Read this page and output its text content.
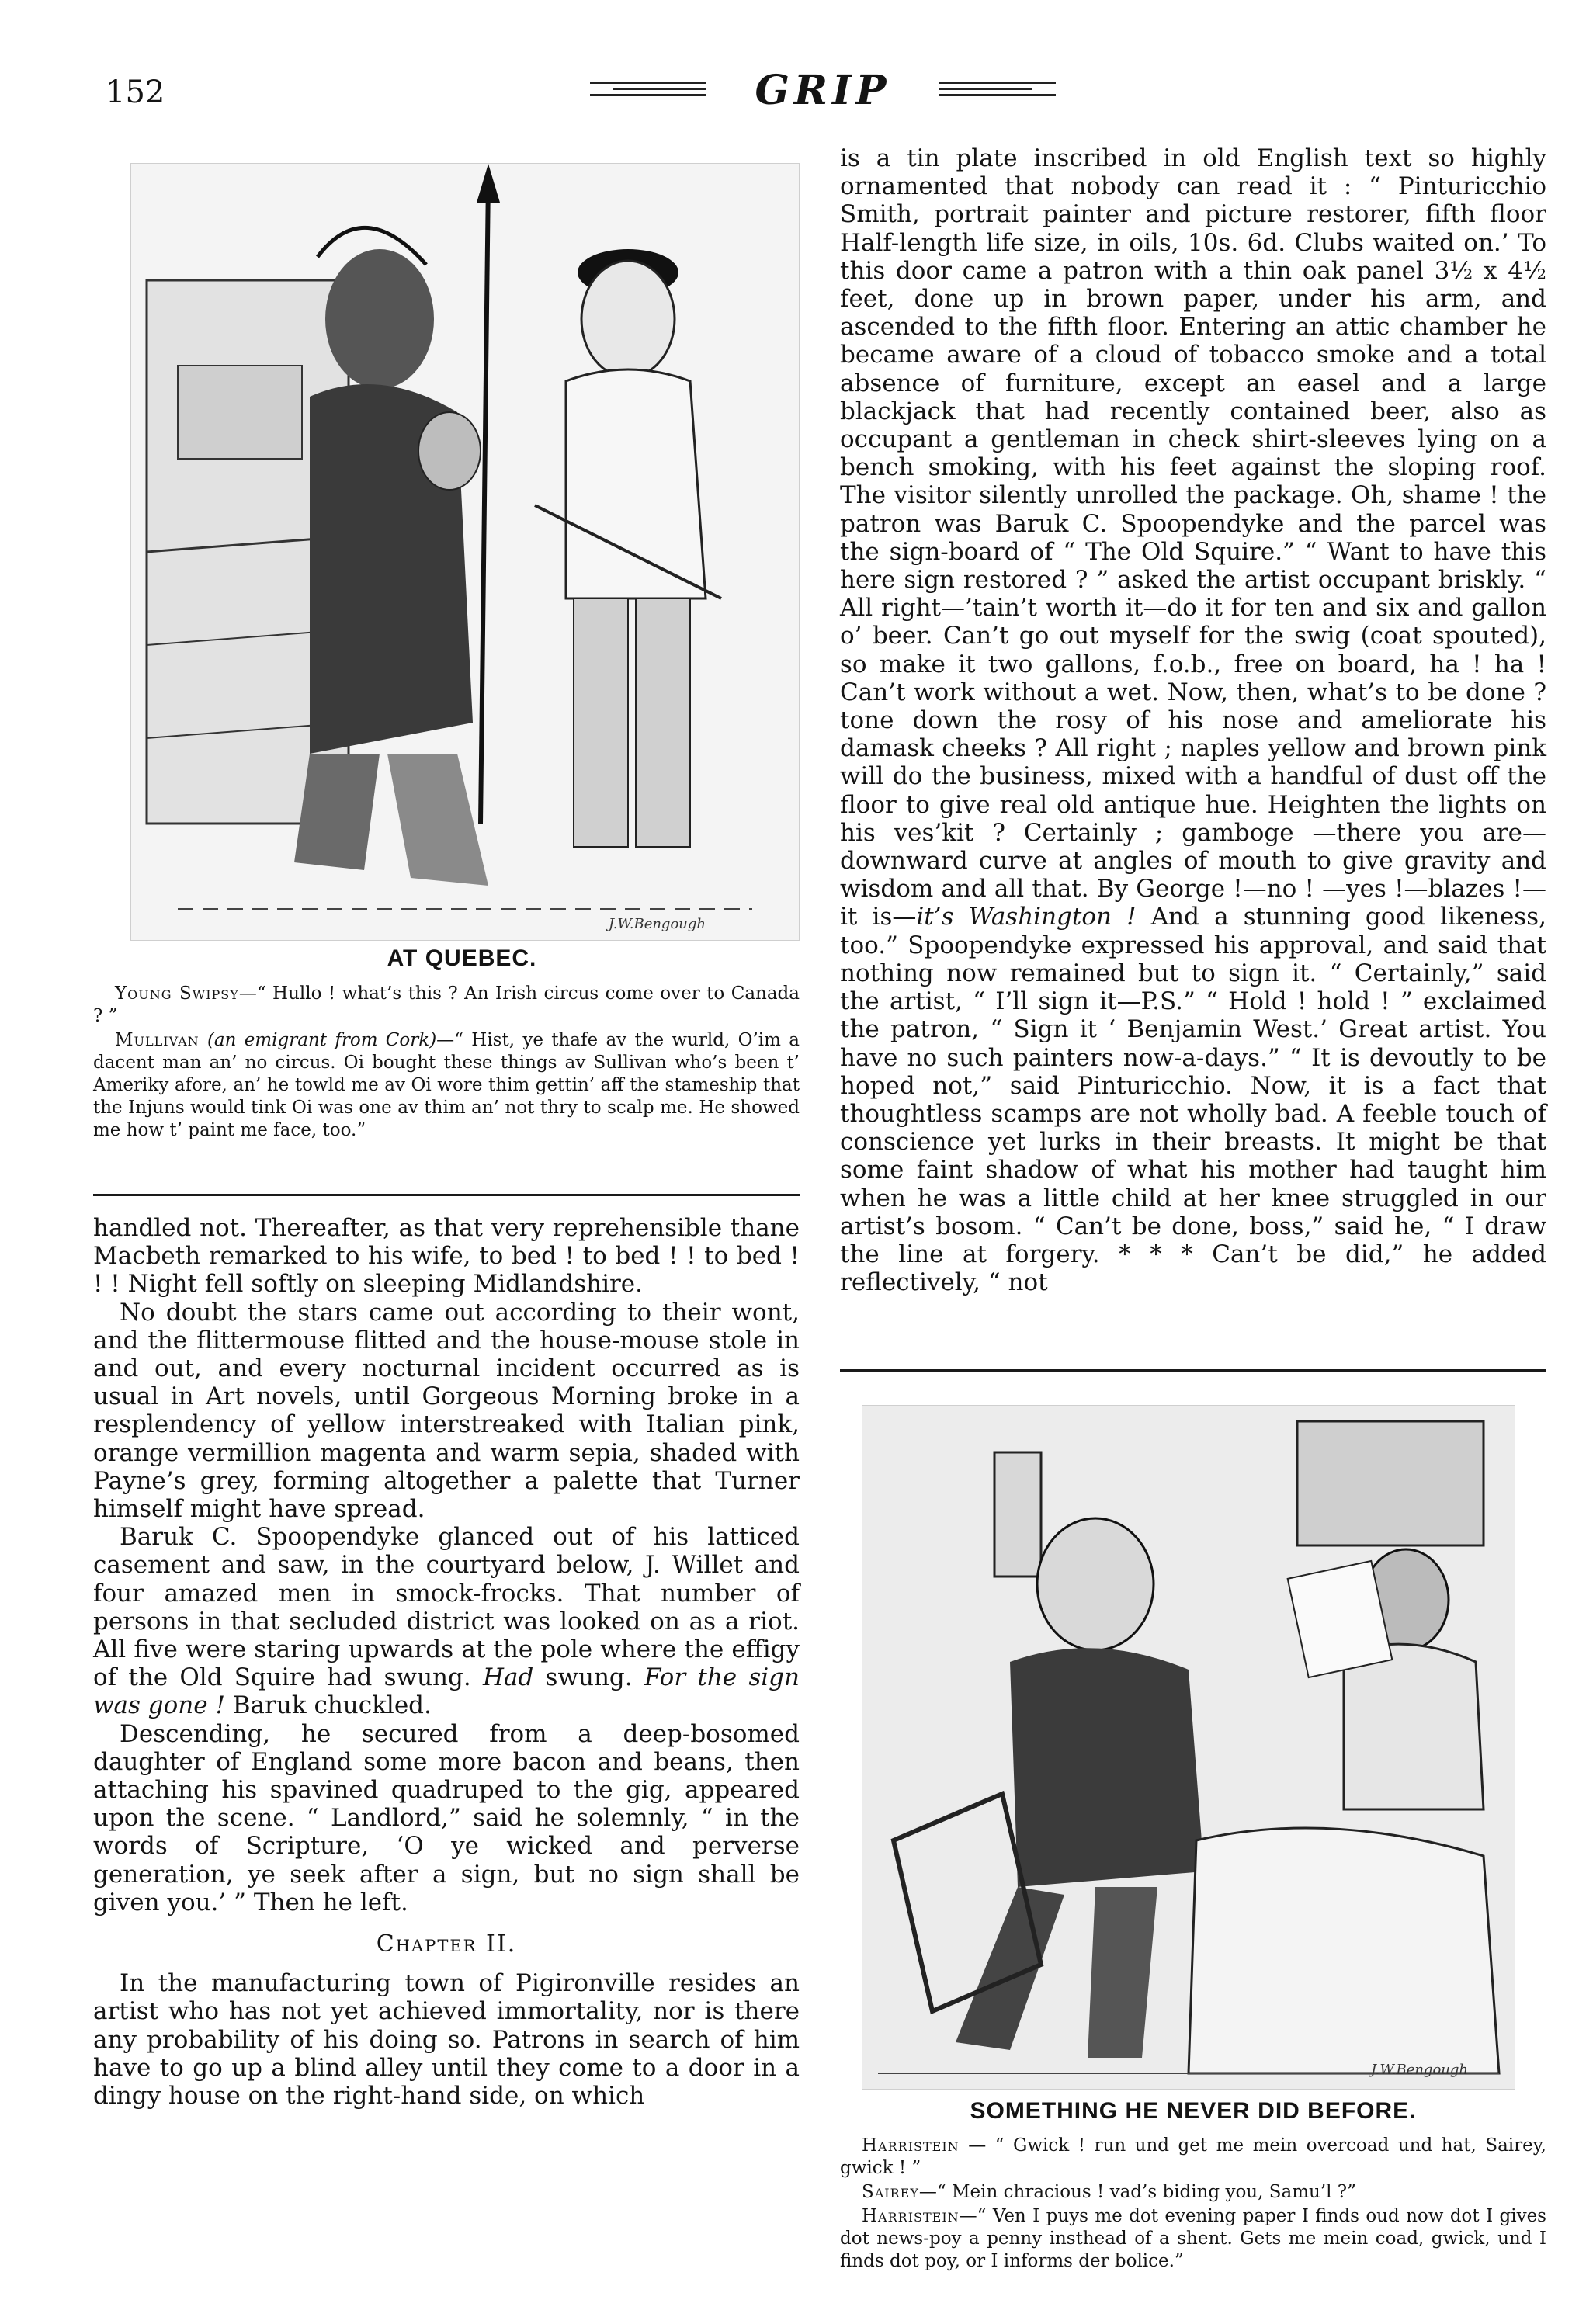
152	GRIP
J.W.Bengough
AT QUEBEC.

Young Swipsy—“ Hullo ! what’s this ? An Irish circus come over to Canada ? ”

Mullivan (an emigrant from Cork)—“ Hist, ye thafe av the wurld, O’im a dacent man an’ no circus. Oi bought these things av Sullivan who’s been t’ Ameriky afore, an’ he towld me av Oi wore thim gettin’ aff the stameship that the Injuns would tink Oi was one av thim an’ not thry to scalp me. He showed me how t’ paint me face, too.”

handled not. Thereafter, as that very reprehensible thane Macbeth remarked to his wife, to bed ! to bed ! ! to bed ! ! ! Night fell softly on sleeping Midlandshire.

No doubt the stars came out according to their wont, and the flittermouse flitted and the house-mouse stole in and out, and every nocturnal incident occurred as is usual in Art novels, until Gorgeous Morning broke in a resplendency of yellow interstreaked with Italian pink, orange vermillion magenta and warm sepia, shaded with Payne’s grey, forming altogether a palette that Turner himself might have spread.

Baruk C. Spoopendyke glanced out of his latticed casement and saw, in the courtyard below, J. Willet and four amazed men in smock-frocks. That number of persons in that secluded district was looked on as a riot. All five were staring upwards at the pole where the effigy of the Old Squire had swung. Had swung. For the sign was gone ! Baruk chuckled.

Descending, he secured from a deep-bosomed daughter of England some more bacon and beans, then attaching his spavined quadruped to the gig, appeared upon the scene. “ Landlord,” said he solemnly, “ in the words of Scripture, ‘O ye wicked and perverse generation, ye seek after a sign, but no sign shall be given you.’ ” Then he left.

Chapter II.

In the manufacturing town of Pigironville resides an artist who has not yet achieved immortality, nor is there any probability of his doing so. Patrons in search of him have to go up a blind alley until they come to a door in a dingy house on the right-hand side, on which

is a tin plate inscribed in old English text so highly ornamented that nobody can read it : “ Pinturicchio Smith, portrait painter and picture restorer, fifth floor Half-length life size, in oils, 10s. 6d. Clubs waited on.’ To this door came a patron with a thin oak panel 3½ x 4½ feet, done up in brown paper, under his arm, and ascended to the fifth floor. Entering an attic chamber he became aware of a cloud of tobacco smoke and a total absence of furniture, except an easel and a large blackjack that had recently contained beer, also as occupant a gentleman in check shirt-sleeves lying on a bench smoking, with his feet against the sloping roof. The visitor silently unrolled the package. Oh, shame ! the patron was Baruk C. Spoopendyke and the parcel was the sign-board of “ The Old Squire.” “ Want to have this here sign restored ? ” asked the artist occupant briskly. “ All right—’tain’t worth it—do it for ten and six and gallon o’ beer. Can’t go out myself for the swig (coat spouted), so make it two gallons, f.o.b., free on board, ha ! ha ! Can’t work without a wet. Now, then, what’s to be done ? tone down the rosy of his nose and ameliorate his damask cheeks ? All right ; naples yellow and brown pink will do the business, mixed with a handful of dust off the floor to give real old antique hue. Heighten the lights on his ves’kit ? Certainly ; gamboge —there you are—downward curve at angles of mouth to give gravity and wisdom and all that. By George !—no ! —yes !—blazes !—it is—it’s Washington ! And a stunning good likeness, too.” Spoopendyke expressed his approval, and said that nothing now remained but to sign it. “ Certainly,” said the artist, “ I’ll sign it—P.S.” “ Hold ! hold ! ” exclaimed the patron, “ Sign it ‘ Benjamin West.’ Great artist. You have no such painters now-a-days.” “ It is devoutly to be hoped not,” said Pinturicchio. Now, it is a fact that thoughtless scamps are not wholly bad. A feeble touch of conscience yet lurks in their breasts. It might be that some faint shadow of what his mother had taught him when he was a little child at her knee struggled in our artist’s bosom. “ Can’t be done, boss,” said he, “ I draw the line at forgery. * * * Can’t be did,” he added reflectively, “ not

J.W.Bengough
SOMETHING HE NEVER DID BEFORE.

Harristein — “ Gwick ! run und get me mein overcoad und hat, Sairey, gwick ! ”

Sairey—“ Mein chracious ! vad’s biding you, Samu’l ?”

Harristein—“ Ven I puys me dot evening paper I finds oud now dot I gives dot news-poy a penny insthead of a shent. Gets me mein coad, gwick, und I finds dot poy, or I informs der bolice.”
